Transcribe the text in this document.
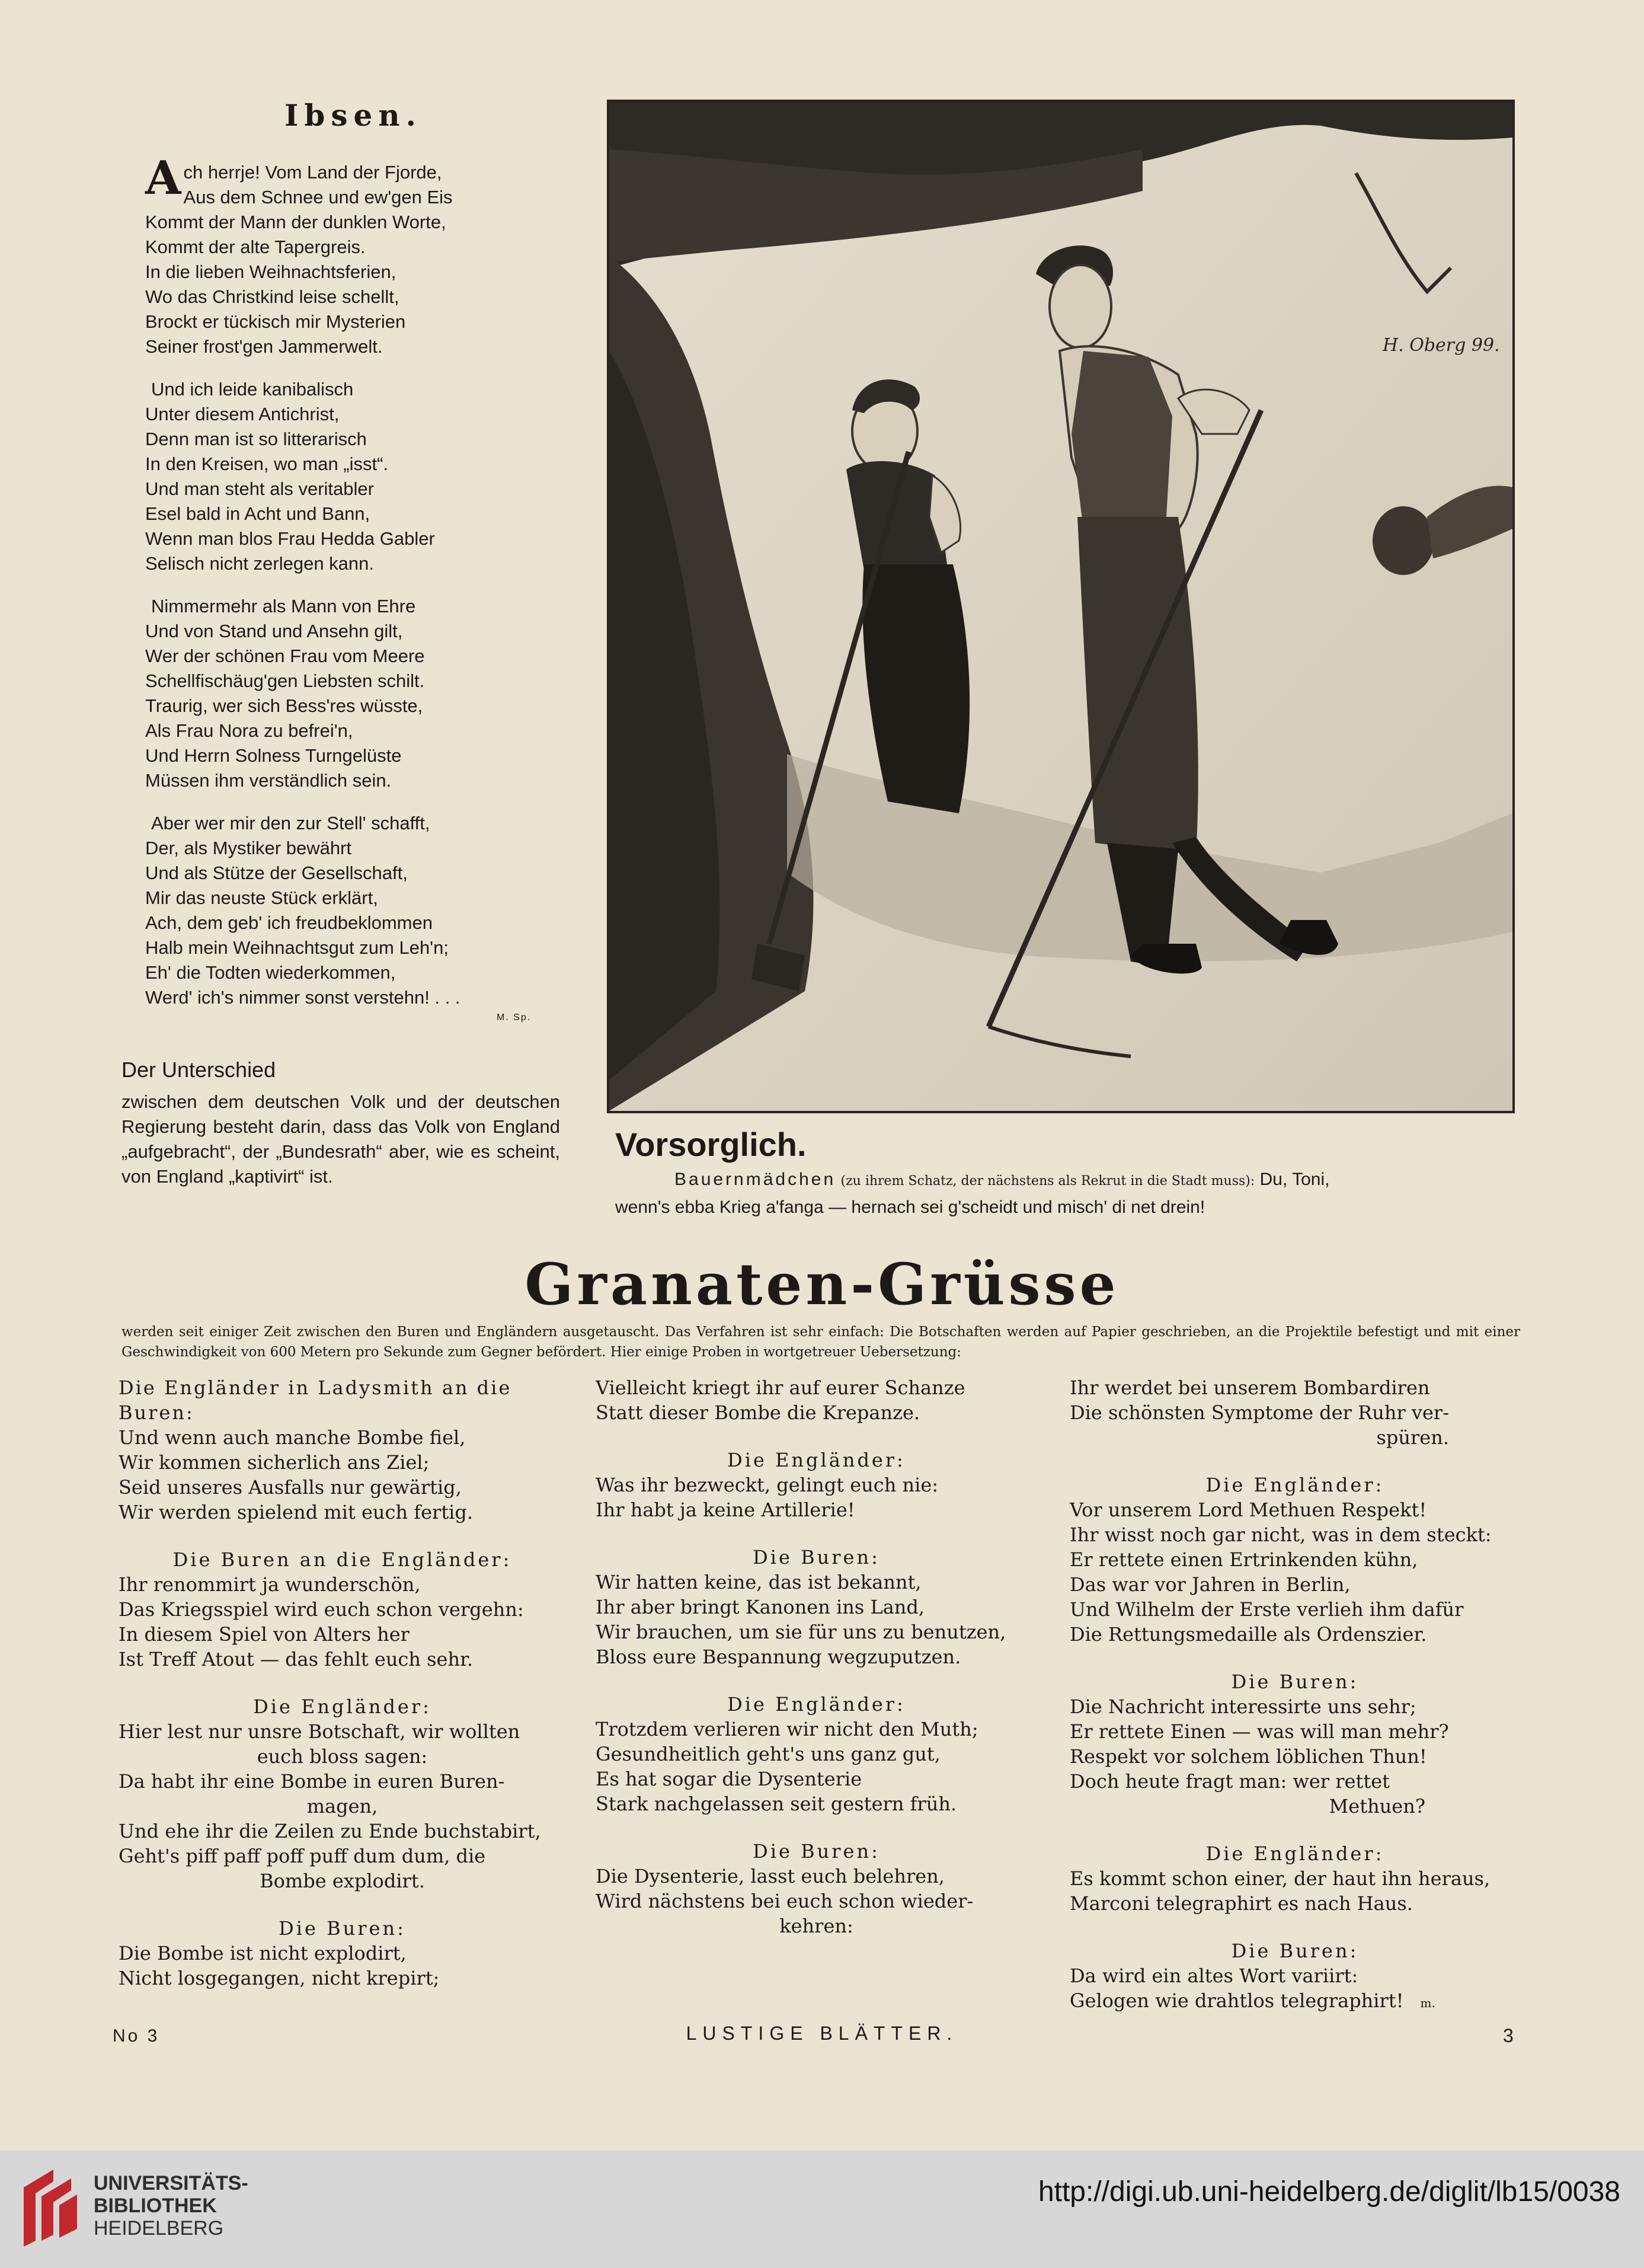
Ibsen.
A ch herrje! Vom Land der Fjorde,
Aus dem Schnee und ew'gen Eis
Kommt der Mann der dunklen Worte,
Kommt der alte Tapergreis.
In die lieben Weihnachtsferien,
Wo das Christkind leise schellt,
Brockt er tückisch mir Mysterien
Seiner frost'gen Jammerwelt.
Und ich leide kanibalisch
Unter diesem Antichrist,
Denn man ist so litterarisch
In den Kreisen, wo man „isst“.
Und man steht als veritabler
Esel bald in Acht und Bann,
Wenn man blos Frau Hedda Gabler
Selisch nicht zerlegen kann.
Nimmermehr als Mann von Ehre
Und von Stand und Ansehn gilt,
Wer der schönen Frau vom Meere
Schellfischäug'gen Liebsten schilt.
Traurig, wer sich Bess'res wüsste,
Als Frau Nora zu befrei'n,
Und Herrn Solness Turngelüste
Müssen ihm verständlich sein.
Aber wer mir den zur Stell' schafft,
Der, als Mystiker bewährt
Und als Stütze der Gesellschaft,
Mir das neuste Stück erklärt,
Ach, dem geb' ich freudbeklommen
Halb mein Weihnachtsgut zum Leh'n;
Eh' die Todten wiederkommen,
Werd' ich's nimmer sonst verstehn! . . .
M. Sp.
Der Unterschied
zwischen dem deutschen Volk und der deutschen Regierung besteht darin, dass das Volk von England „aufgebracht“, der „Bundesrath“ aber, wie es scheint, von England „kaptivirt“ ist.
H. Oberg 99.
Vorsorglich.
Bauernmädchen (zu ihrem Schatz, der nächstens als Rekrut in die Stadt muss): Du, Toni,
wenn's ebba Krieg a'fanga — hernach sei g'scheidt und misch' di net drein!
Granaten-Grüsse
werden seit einiger Zeit zwischen den Buren und Engländern ausgetauscht. Das Verfahren ist sehr einfach: Die Botschaften werden auf Papier geschrieben, an die Projektile befestigt und mit einer Geschwindigkeit von 600 Metern pro Sekunde zum Gegner befördert. Hier einige Proben in wortgetreuer Uebersetzung:
Die Engländer in Ladysmith an die Buren:
Und wenn auch manche Bombe fiel,
Wir kommen sicherlich ans Ziel;
Seid unseres Ausfalls nur gewärtig,
Wir werden spielend mit euch fertig.
Die Buren an die Engländer:
Ihr renommirt ja wunderschön,
Das Kriegsspiel wird euch schon vergehn:
In diesem Spiel von Alters her
Ist Treff Atout — das fehlt euch sehr.
Die Engländer:
Hier lest nur unsre Botschaft, wir wollten
euch bloss sagen:
Da habt ihr eine Bombe in euren Buren-
magen,
Und ehe ihr die Zeilen zu Ende buchstabirt,
Geht's piff paff poff puff dum dum, die
Bombe explodirt.
Die Buren:
Die Bombe ist nicht explodirt,
Nicht losgegangen, nicht krepirt;
Vielleicht kriegt ihr auf eurer Schanze
Statt dieser Bombe die Krepanze.
Die Engländer:
Was ihr bezweckt, gelingt euch nie:
Ihr habt ja keine Artillerie!
Die Buren:
Wir hatten keine, das ist bekannt,
Ihr aber bringt Kanonen ins Land,
Wir brauchen, um sie für uns zu benutzen,
Bloss eure Bespannung wegzuputzen.
Die Engländer:
Trotzdem verlieren wir nicht den Muth;
Gesundheitlich geht's uns ganz gut,
Es hat sogar die Dysenterie
Stark nachgelassen seit gestern früh.
Die Buren:
Die Dysenterie, lasst euch belehren,
Wird nächstens bei euch schon wieder-
kehren:
Ihr werdet bei unserem Bombardiren
Die schönsten Symptome der Ruhr ver-
spüren.
Die Engländer:
Vor unserem Lord Methuen Respekt!
Ihr wisst noch gar nicht, was in dem steckt:
Er rettete einen Ertrinkenden kühn,
Das war vor Jahren in Berlin,
Und Wilhelm der Erste verlieh ihm dafür
Die Rettungsmedaille als Ordenszier.
Die Buren:
Die Nachricht interessirte uns sehr;
Er rettete Einen — was will man mehr?
Respekt vor solchem löblichen Thun!
Doch heute fragt man: wer rettet
Methuen?
Die Engländer:
Es kommt schon einer, der haut ihn heraus,
Marconi telegraphirt es nach Haus.
Die Buren:
Da wird ein altes Wort variirt:
Gelogen wie drahtlos telegraphirt! m.
No 3	LUSTIGE BLÄTTER.	3
UNIVERSITÄTS-
BIBLIOTHEK
HEIDELBERG
http://digi.ub.uni-heidelberg.de/diglit/lb15/0038
